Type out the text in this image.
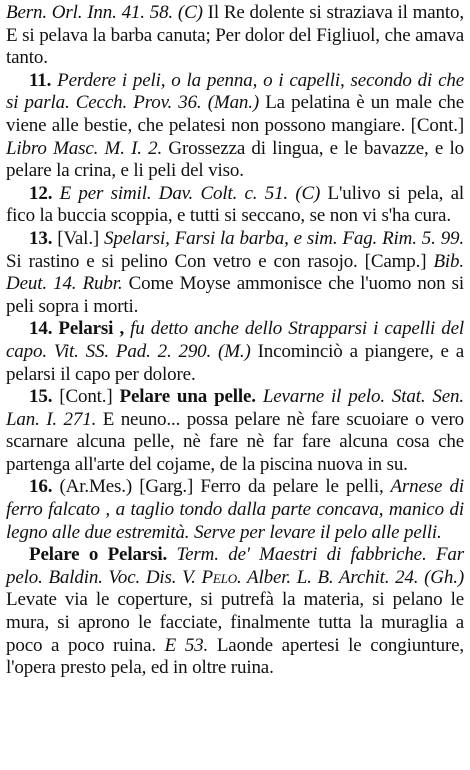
Bern. Orl. Inn. 41. 58. (C) Il Re dolente si straziava il manto, E si pelava la barba canuta; Per dolor del Figliuol, che amava tanto.

11. Perdere i peli, o la penna, o i capelli, secondo di che si parla. Cecch. Prov. 36. (Man.) La pelatina è un male che viene alle bestie, che pelatesi non possono mangiare. [Cont.] Libro Masc. M. I. 2. Grossezza di lingua, e le bavazze, e lo pelare la crina, e li peli del viso.

12. E per simil. Dav. Colt. c. 51. (C) L'ulivo si pela, al fico la buccia scoppia, e tutti si seccano, se non vi s'ha cura.

13. [Val.] Spelarsi, Farsi la barba, e sim. Fag. Rim. 5. 99. Si rastino e si pelino Con vetro e con rasojo. [Camp.] Bib. Deut. 14. Rubr. Come Moyse ammonisce che l'uomo non si peli sopra i morti.

14. Pelarsi , fu detto anche dello Strapparsi i capelli del capo. Vit. SS. Pad. 2. 290. (M.) Incominciò a piangere, e a pelarsi il capo per dolore.

15. [Cont.] Pelare una pelle. Levarne il pelo. Stat. Sen. Lan. I. 271. E neuno... possa pelare nè fare scuoiare o vero scarnare alcuna pelle, nè fare nè far fare alcuna cosa che partenga all'arte del cojame, de la piscina nuova in su.

16. (Ar.Mes.) [Garg.] Ferro da pelare le pelli, Arnese di ferro falcato , a taglio tondo dalla parte concava, manico di legno alle due estremità. Serve per levare il pelo alle pelli.

Pelare o Pelarsi. Term. de' Maestri di fabbriche. Far pelo. Baldin. Voc. Dis. V. Pelo. Alber. L. B. Archit. 24. (Gh.) Levate via le coperture, si putrefà la materia, si pelano le mura, si aprono le facciate, finalmente tutta la muraglia a poco a poco ruina. E 53. Laonde apertesi le congiunture, l'opera presto pela, ed in oltre ruina.
